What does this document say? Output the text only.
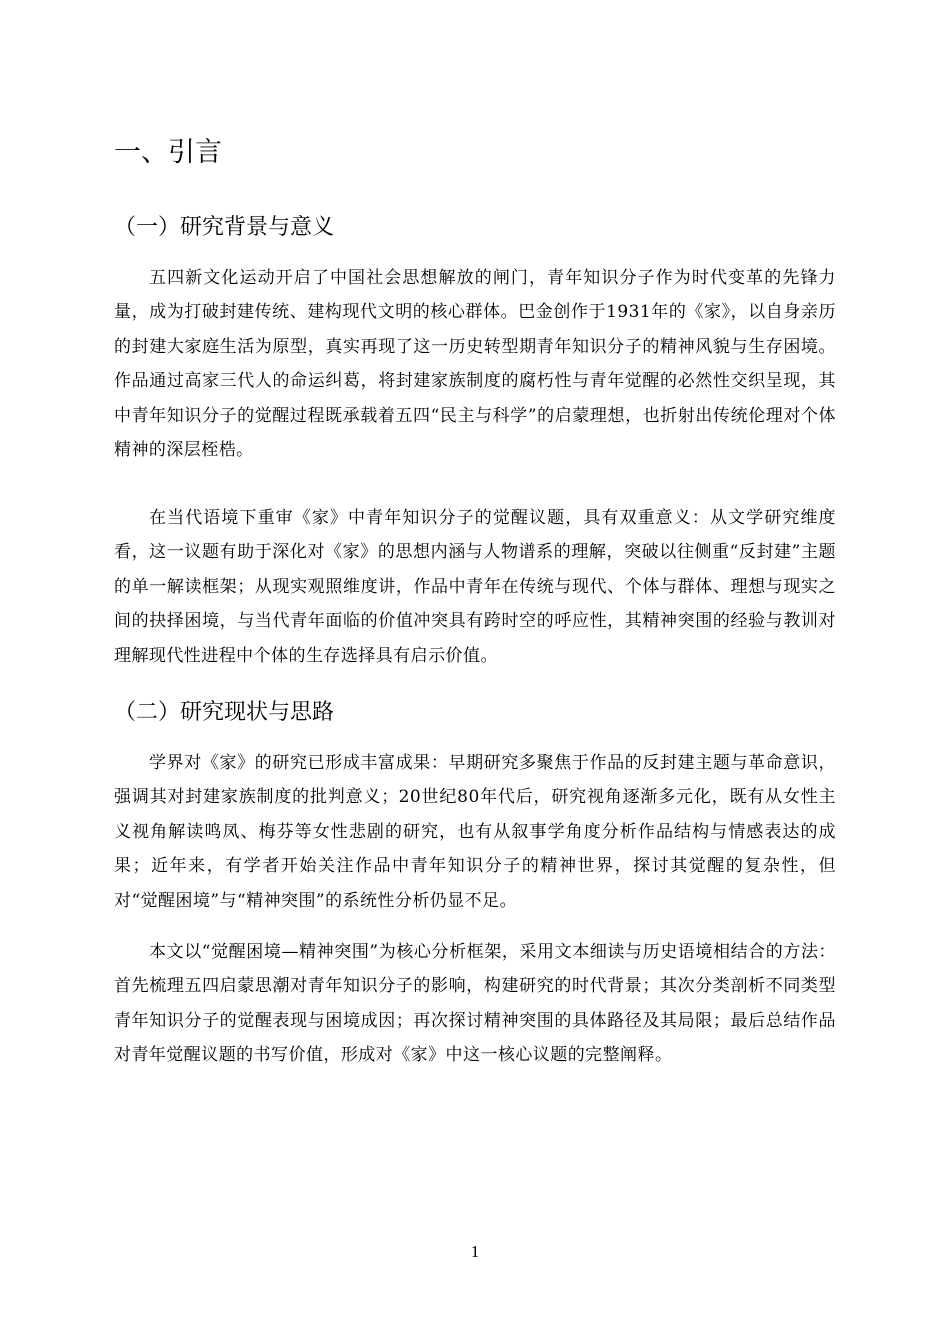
一、引言
（一）研究背景与意义

五四新文化运动开启了中国社会思想解放的闸门，青年知识分子作为时代变革的先锋力量，成为打破封建传统、建构现代文明的核心群体。巴金创作于1931年的《家》，以自身亲历的封建大家庭生活为原型，真实再现了这一历史转型期青年知识分子的精神风貌与生存困境。作品通过高家三代人的命运纠葛，将封建家族制度的腐朽性与青年觉醒的必然性交织呈现，其中青年知识分子的觉醒过程既承载着五四“民主与科学”的启蒙理想，也折射出传统伦理对个体精神的深层桎梏。

在当代语境下重审《家》中青年知识分子的觉醒议题，具有双重意义：从文学研究维度看，这一议题有助于深化对《家》的思想内涵与人物谱系的理解，突破以往侧重“反封建”主题的单一解读框架；从现实观照维度讲，作品中青年在传统与现代、个体与群体、理想与现实之间的抉择困境，与当代青年面临的价值冲突具有跨时空的呼应性，其精神突围的经验与教训对理解现代性进程中个体的生存选择具有启示价值。

（二）研究现状与思路

学界对《家》的研究已形成丰富成果：早期研究多聚焦于作品的反封建主题与革命意识，强调其对封建家族制度的批判意义；20世纪80年代后，研究视角逐渐多元化，既有从女性主义视角解读鸣凤、梅芬等女性悲剧的研究，也有从叙事学角度分析作品结构与情感表达的成果；近年来，有学者开始关注作品中青年知识分子的精神世界，探讨其觉醒的复杂性，但对“觉醒困境”与“精神突围”的系统性分析仍显不足。

本文以“觉醒困境—精神突围”为核心分析框架，采用文本细读与历史语境相结合的方法：首先梳理五四启蒙思潮对青年知识分子的影响，构建研究的时代背景；其次分类剖析不同类型青年知识分子的觉醒表现与困境成因；再次探讨精神突围的具体路径及其局限；最后总结作品对青年觉醒议题的书写价值，形成对《家》中这一核心议题的完整阐释。

1
